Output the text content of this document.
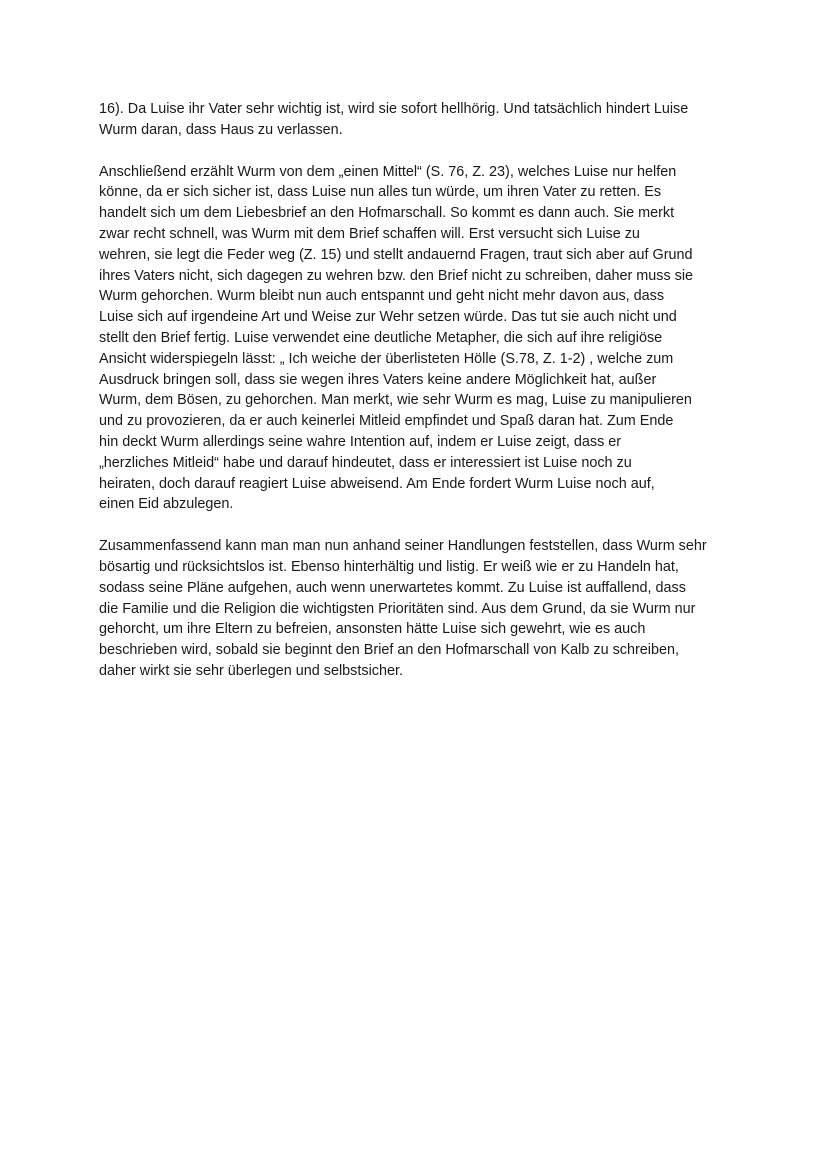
16). Da Luise ihr Vater sehr wichtig ist, wird sie sofort hellhörig. Und tatsächlich hindert Luise
Wurm daran, dass Haus zu verlassen.

Anschließend erzählt Wurm von dem „einen Mittel“ (S. 76, Z. 23), welches Luise nur helfen
könne, da er sich sicher ist, dass Luise nun alles tun würde, um ihren Vater zu retten. Es
handelt sich um dem Liebesbrief an den Hofmarschall. So kommt es dann auch. Sie merkt
zwar recht schnell, was Wurm mit dem Brief schaffen will. Erst versucht sich Luise zu
wehren, sie legt die Feder weg (Z. 15) und stellt andauernd Fragen, traut sich aber auf Grund
ihres Vaters nicht, sich dagegen zu wehren bzw. den Brief nicht zu schreiben, daher muss sie
Wurm gehorchen. Wurm bleibt nun auch entspannt und geht nicht mehr davon aus, dass
Luise sich auf irgendeine Art und Weise zur Wehr setzen würde. Das tut sie auch nicht und
stellt den Brief fertig. Luise verwendet eine deutliche Metapher, die sich auf ihre religiöse
Ansicht widerspiegeln lässt: „ Ich weiche der überlisteten Hölle (S.78, Z. 1-2) , welche zum
Ausdruck bringen soll, dass sie wegen ihres Vaters keine andere Möglichkeit hat, außer
Wurm, dem Bösen, zu gehorchen. Man merkt, wie sehr Wurm es mag, Luise zu manipulieren
und zu provozieren, da er auch keinerlei Mitleid empfindet und Spaß daran hat. Zum Ende
hin deckt Wurm allerdings seine wahre Intention auf, indem er Luise zeigt, dass er
„herzliches Mitleid“ habe und darauf hindeutet, dass er interessiert ist Luise noch zu
heiraten, doch darauf reagiert Luise abweisend. Am Ende fordert Wurm Luise noch auf,
einen Eid abzulegen.

Zusammenfassend kann man man nun anhand seiner Handlungen feststellen, dass Wurm sehr
bösartig und rücksichtslos ist. Ebenso hinterhältig und listig. Er weiß wie er zu Handeln hat,
sodass seine Pläne aufgehen, auch wenn unerwartetes kommt. Zu Luise ist auffallend, dass
die Familie und die Religion die wichtigsten Prioritäten sind. Aus dem Grund, da sie Wurm nur
gehorcht, um ihre Eltern zu befreien, ansonsten hätte Luise sich gewehrt, wie es auch
beschrieben wird, sobald sie beginnt den Brief an den Hofmarschall von Kalb zu schreiben,
daher wirkt sie sehr überlegen und selbstsicher.
